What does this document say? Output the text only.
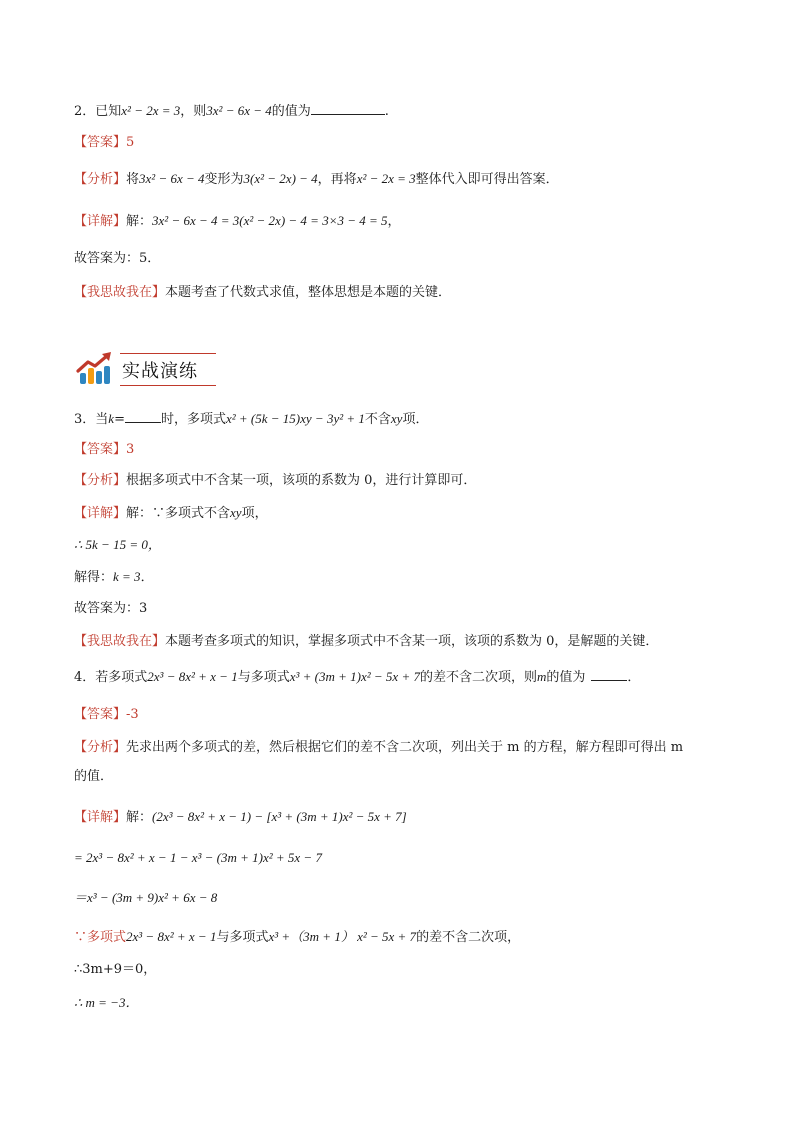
2．已知x² − 2x = 3，则3x² − 6x − 4的值为	.
【答案】5
【分析】将3x² − 6x − 4变形为3(x² − 2x) − 4，再将x² − 2x = 3整体代入即可得出答案．
【详解】解：3x² − 6x − 4 = 3(x² − 2x) − 4 = 3×3 − 4 = 5，
故答案为：5．
【我思故我在】本题考查了代数式求值，整体思想是本题的关键．
实战演练
3．当k=	时，多项式x² + (5k − 15)xy − 3y² + 1不含xy项．
【答案】3
【分析】根据多项式中不含某一项，该项的系数为 0，进行计算即可．
【详解】解：∵多项式不含xy项，
∴ 5k − 15 = 0，
解得：k = 3．
故答案为：3
【我思故我在】本题考查多项式的知识，掌握多项式中不含某一项，该项的系数为 0，是解题的关键．
4．若多项式2x³ − 8x² + x − 1与多项式x³ + (3m + 1)x² − 5x + 7的差不含二次项，则m的值为	．
【答案】-3
【分析】先求出两个多项式的差，然后根据它们的差不含二次项，列出关于 m 的方程，解方程即可得出 m
的值．
【详解】解：(2x³ − 8x² + x − 1) − [x³ + (3m + 1)x² − 5x + 7]
= 2x³ − 8x² + x − 1 − x³ − (3m + 1)x² + 5x − 7
＝x³ − (3m + 9)x² + 6x − 8
∵多项式2x³ − 8x² + x − 1与多项式x³ +（3m + 1） x² − 5x + 7的差不含二次项，
∴3m+9＝0，
∴ m = −3．
